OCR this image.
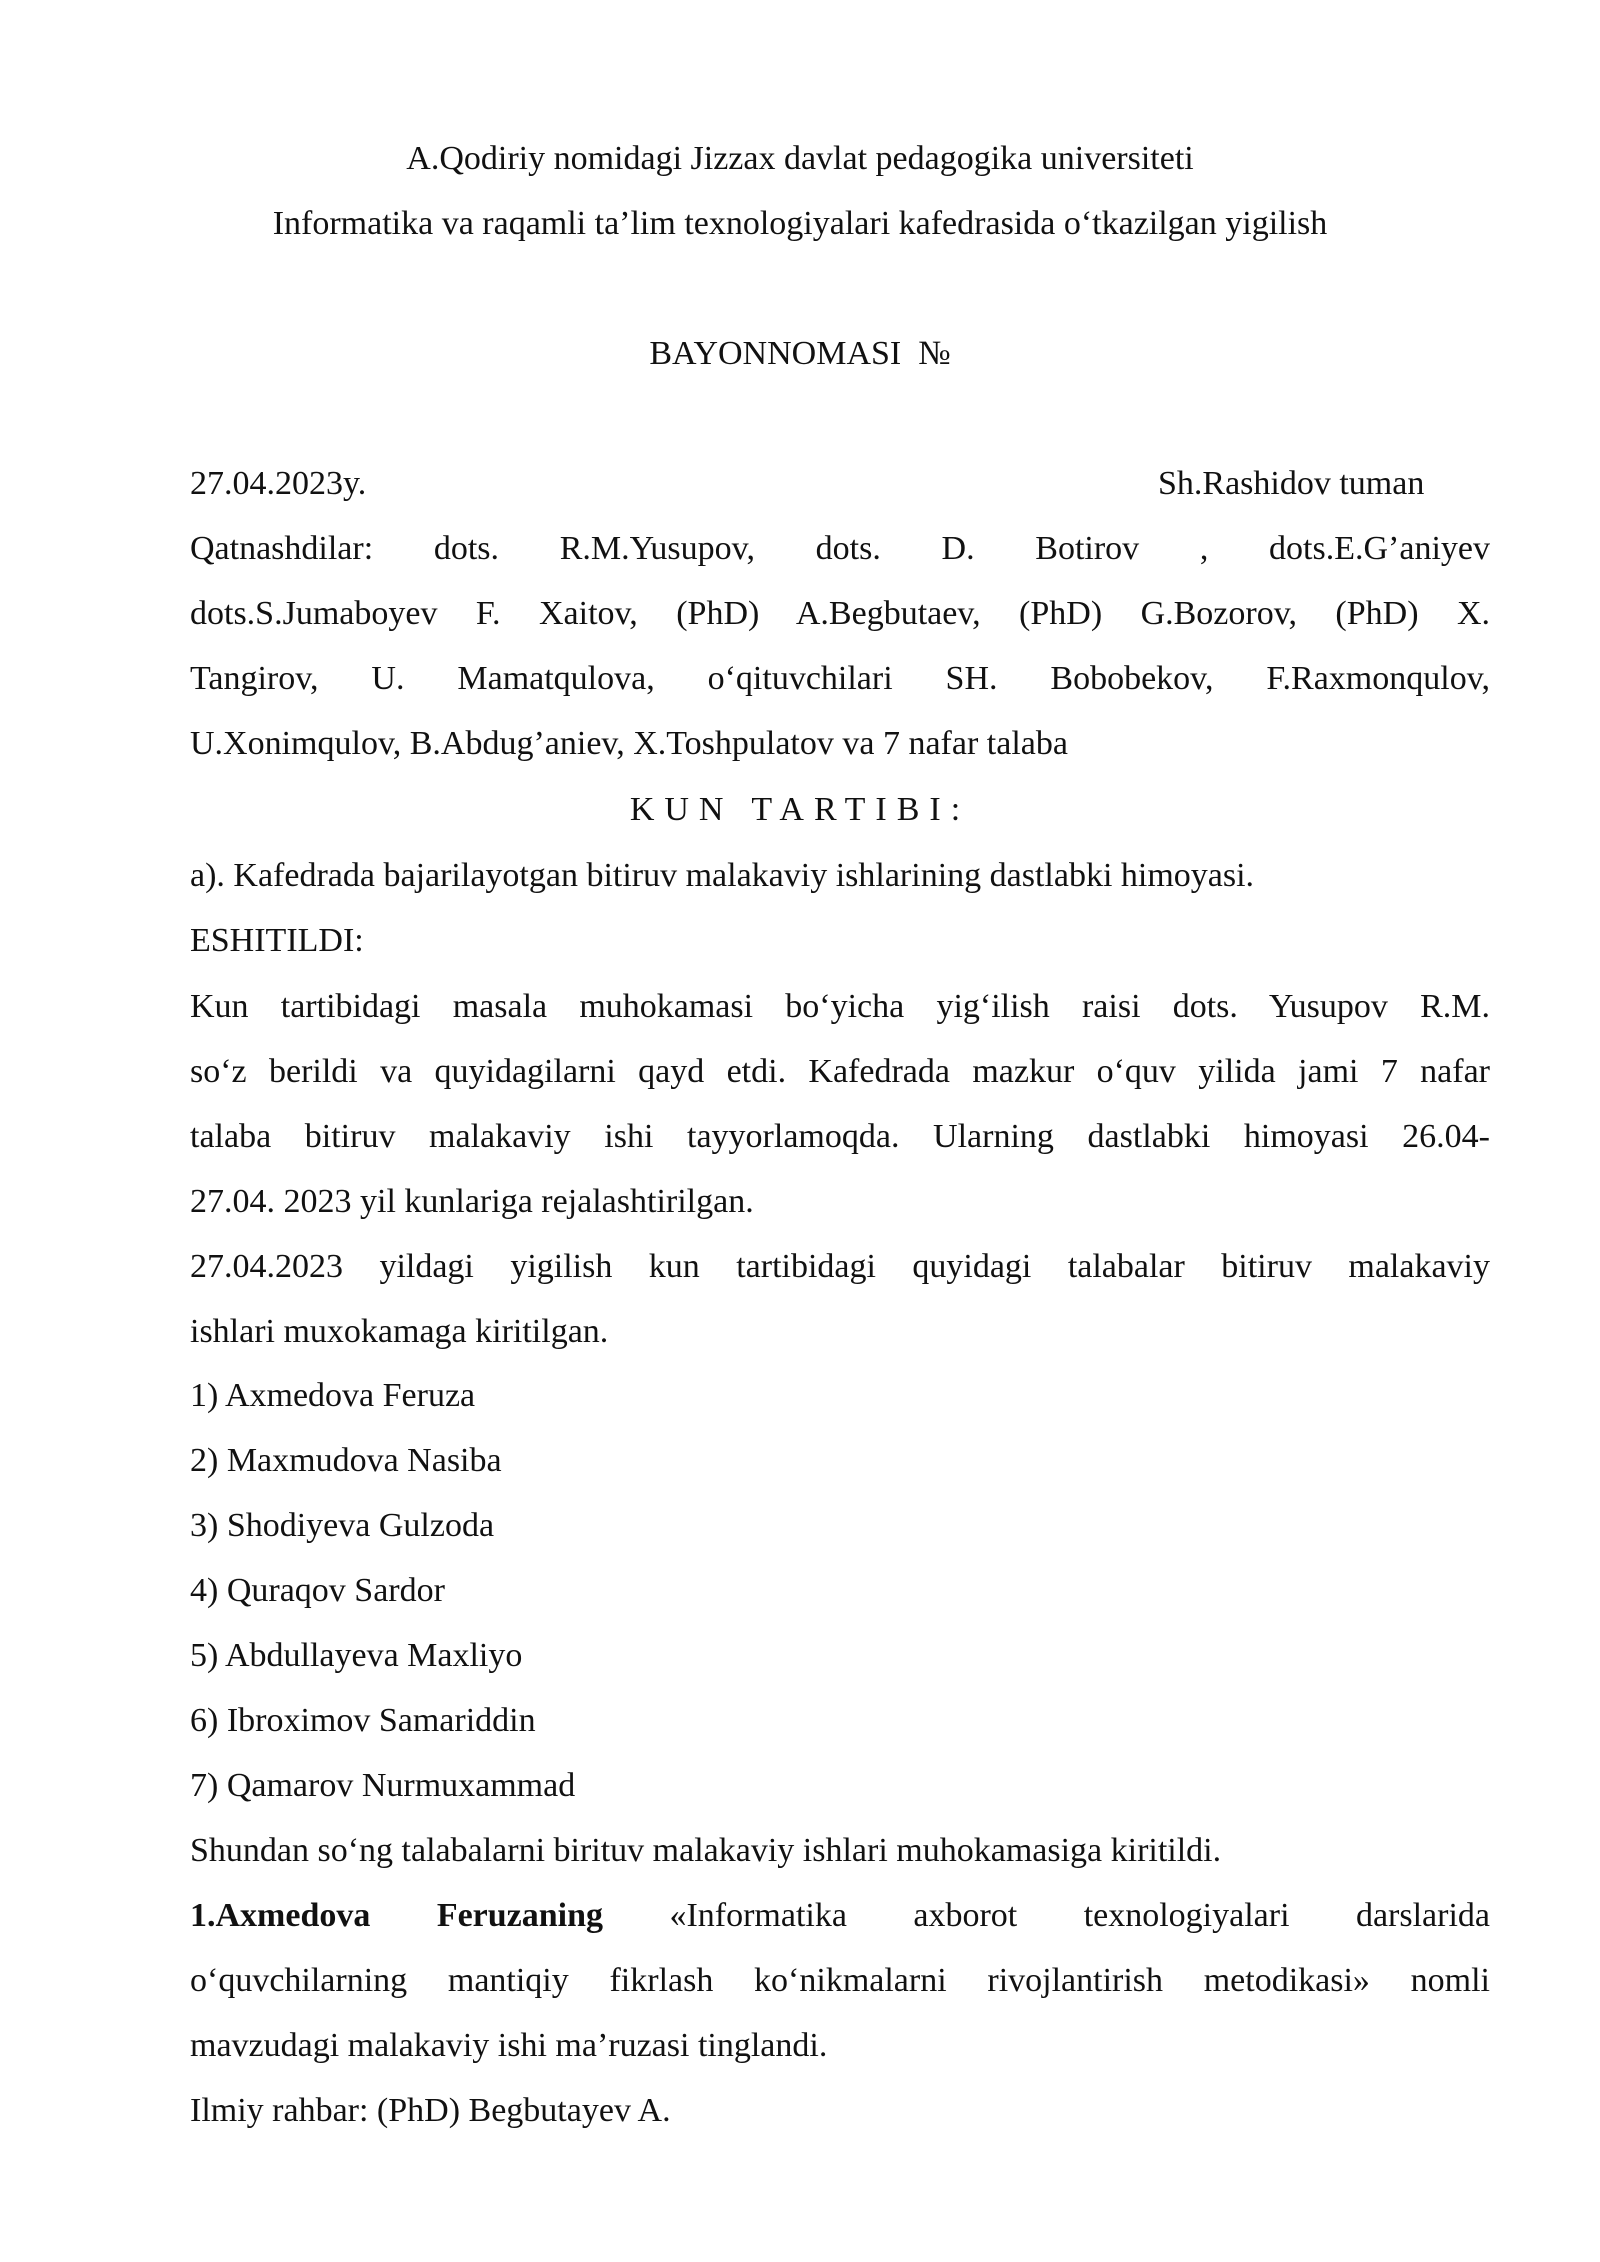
A.Qodiriy nomidagi Jizzax davlat pedagogika universiteti
Informatika va raqamli ta’lim texnologiyalari kafedrasida o‘tkazilgan yigilish
BAYONNOMASI  №
27.04.2023y.	Sh.Rashidov tuman
Qatnashdilar: dots. R.M.Yusupov, dots. D. Botirov , dots.E.G’aniyev
dots.S.Jumaboyev F. Xaitov, (PhD) A.Begbutaev, (PhD) G.Bozorov, (PhD) X.
Tangirov, U. Mamatqulova, o‘qituvchilari SH. Bobobekov, F.Raxmonqulov,
U.Xonimqulov, B.Abdug’aniev, X.Toshpulatov va 7 nafar talaba
KUN TARTIBI:
a). Kafedrada bajarilayotgan bitiruv malakaviy ishlarining dastlabki himoyasi.
ESHITILDI:
Kun tartibidagi masala muhokamasi bo‘yicha yig‘ilish raisi dots. Yusupov R.M.
so‘z berildi va quyidagilarni qayd etdi. Kafedrada mazkur o‘quv yilida jami 7 nafar
talaba bitiruv malakaviy ishi tayyorlamoqda. Ularning dastlabki himoyasi 26.04-
27.04. 2023 yil kunlariga rejalashtirilgan.
27.04.2023 yildagi yigilish kun tartibidagi quyidagi talabalar bitiruv malakaviy
ishlari muxokamaga kiritilgan.
1) Axmedova Feruza
2) Maxmudova Nasiba
3) Shodiyeva Gulzoda
4) Quraqov Sardor
5) Abdullayeva Maxliyo
6) Ibroximov Samariddin
7) Qamarov Nurmuxammad
Shundan so‘ng talabalarni birituv malakaviy ishlari muhokamasiga kiritildi.
1.Axmedova Feruzaning «Informatika axborot texnologiyalari darslarida
o‘quvchilarning mantiqiy fikrlash ko‘nikmalarni rivojlantirish metodikasi» nomli
mavzudagi malakaviy ishi ma’ruzasi tinglandi.
Ilmiy rahbar: (PhD) Begbutayev A.
